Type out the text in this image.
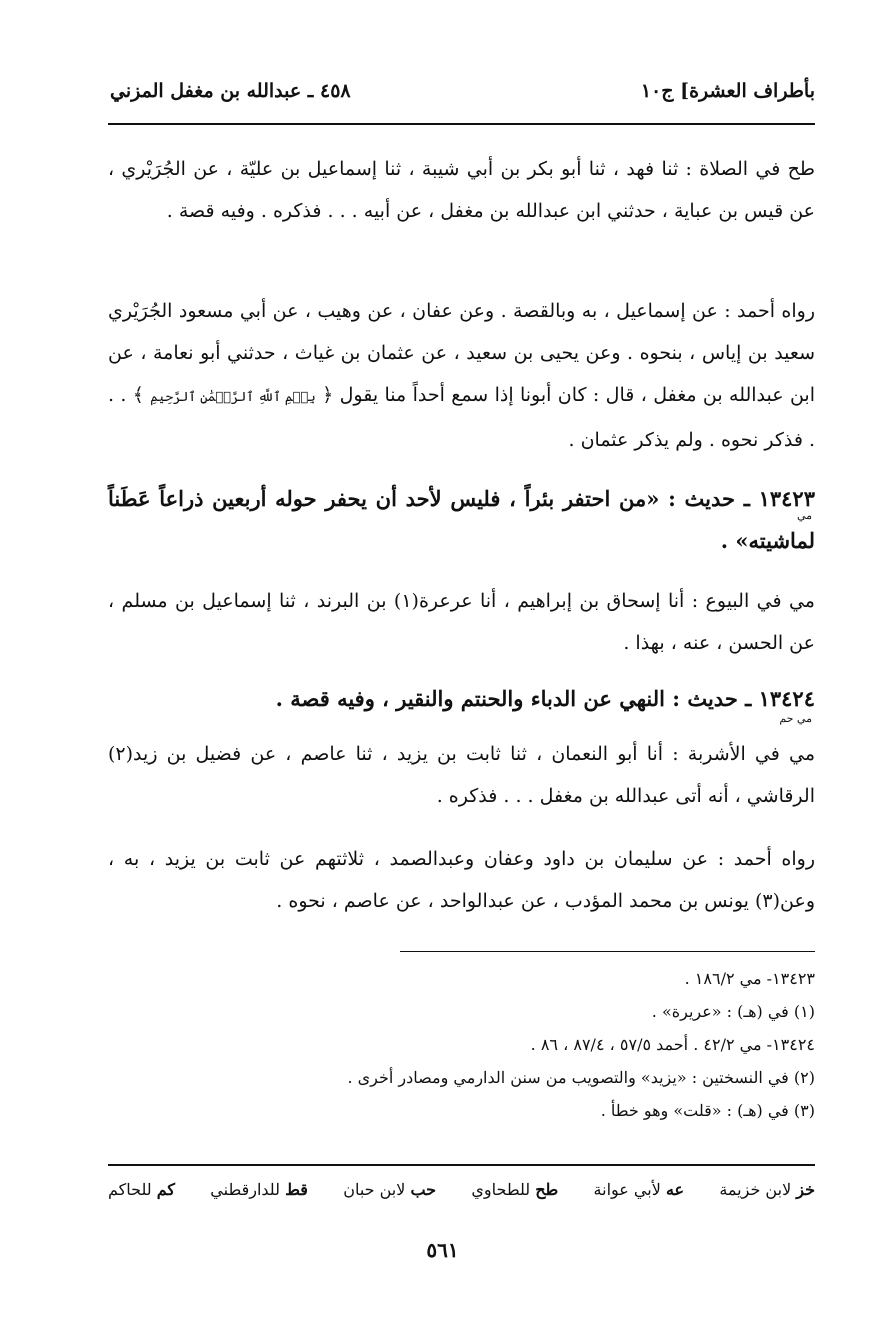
بأطراف العشرة] ج١٠
٤٥٨ ـ عبدالله بن مغفل المزني
طح في الصلاة : ثنا فهد ، ثنا أبو بكر بن أبي شيبة ، ثنا إسماعيل بن عليّة ، عن الجُرَيْري ، عن قيس بن عباية ، حدثني ابن عبدالله بن مغفل ، عن أبيه . . . فذكره . وفيه قصة .
رواه أحمد : عن إسماعيل ، به وبالقصة . وعن عفان ، عن وهيب ، عن أبي مسعود الجُرَيْري سعيد بن إياس ، بنحوه . وعن يحيى بن سعيد ، عن عثمان بن غياث ، حدثني أبو نعامة ، عن ابن عبدالله بن مغفل ، قال : كان أبونا إذا سمع أحداً منا يقول ﴿ بِسۡمِ ٱللَّهِ ٱلرَّحۡمَٰنِ ٱلرَّحِيمِ ﴾ . . . فذكر نحوه . ولم يذكر عثمان .
١٣٤٢٣ ـ حديث : «من احتفر بئراً ، فليس لأحد أن يحفر حوله أربعين ذراعاً عَطَناً لماشيته» .
مي
مي في البيوع : أنا إسحاق بن إبراهيم ، أنا عرعرة(١) بن البرند ، ثنا إسماعيل بن مسلم ، عن الحسن ، عنه ، بهذا .
١٣٤٢٤ ـ حديث : النهي عن الدباء والحنتم والنقير ، وفيه قصة .
مي حم
مي في الأشربة : أنا أبو النعمان ، ثنا ثابت بن يزيد ، ثنا عاصم ، عن فضيل بن زيد(٢) الرقاشي ، أنه أتى عبدالله بن مغفل . . . فذكره .
رواه أحمد : عن سليمان بن داود وعفان وعبدالصمد ، ثلاثتهم عن ثابت بن يزيد ، به ، وعن(٣) يونس بن محمد المؤدب ، عن عبدالواحد ، عن عاصم ، نحوه .
١٣٤٢٣- مي ١٨٦/٢ .
(١) في (هـ) : «عريرة» .
١٣٤٢٤- مي ٤٢/٢ . أحمد ٥٧/٥ ، ٨٧/٤ ، ٨٦ .
(٢) في النسختين : «يزيد» والتصويب من سنن الدارمي ومصادر أخرى .
(٣) في (هـ) : «قلت» وهو خطأ .
خز لابن خزيمة
عه لأبي عوانة
طح للطحاوي
حب لابن حبان
قط للدارقطني
كم للحاكم
٥٦١
